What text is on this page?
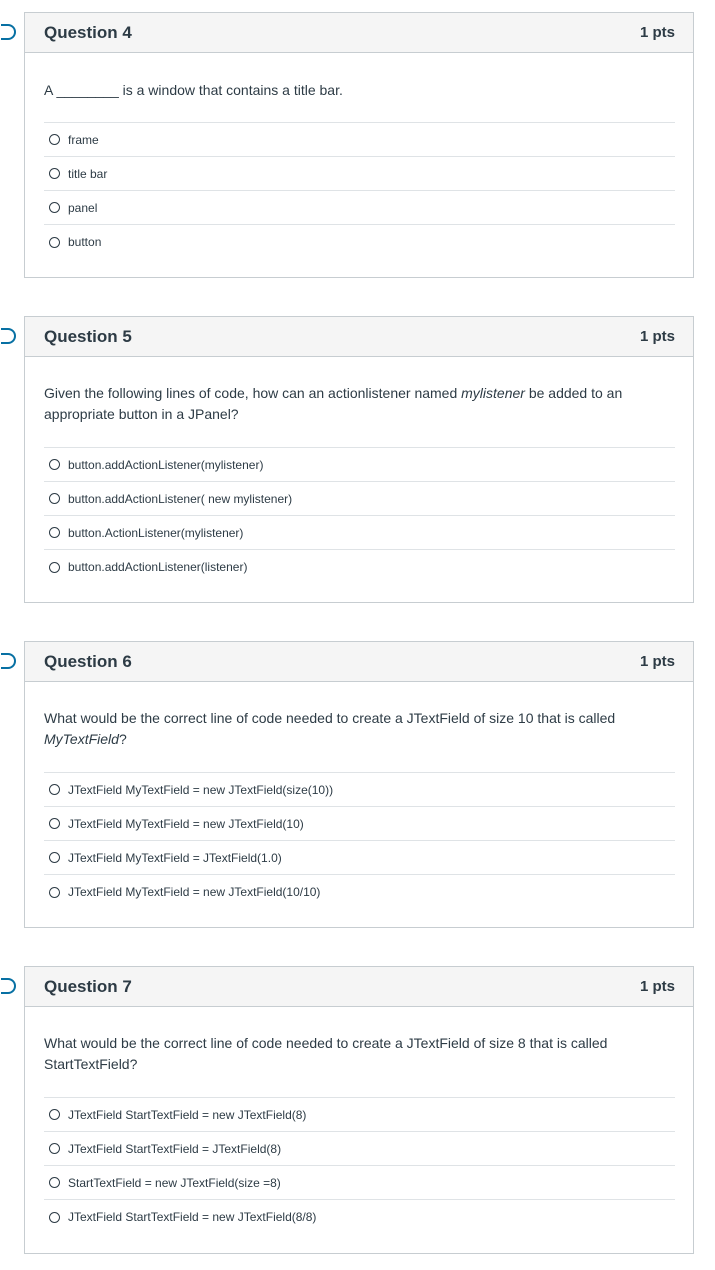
Question 4	1 pts
A ________ is a window that contains a title bar.
frame
title bar
panel
button
Question 5	1 pts
Given the following lines of code, how can an actionlistener named mylistener be added to an appropriate button in a JPanel?
button.addActionListener(mylistener)
button.addActionListener( new mylistener)
button.ActionListener(mylistener)
button.addActionListener(listener)
Question 6	1 pts
What would be the correct line of code needed to create a JTextField of size 10 that is called MyTextField?
JTextField MyTextField = new JTextField(size(10))
JTextField MyTextField = new JTextField(10)
JTextField MyTextField = JTextField(1.0)
JTextField MyTextField = new JTextField(10/10)
Question 7	1 pts
What would be the correct line of code needed to create a JTextField of size 8 that is called StartTextField?
JTextField StartTextField = new JTextField(8)
JTextField StartTextField = JTextField(8)
StartTextField = new JTextField(size =8)
JTextField StartTextField = new JTextField(8/8)
